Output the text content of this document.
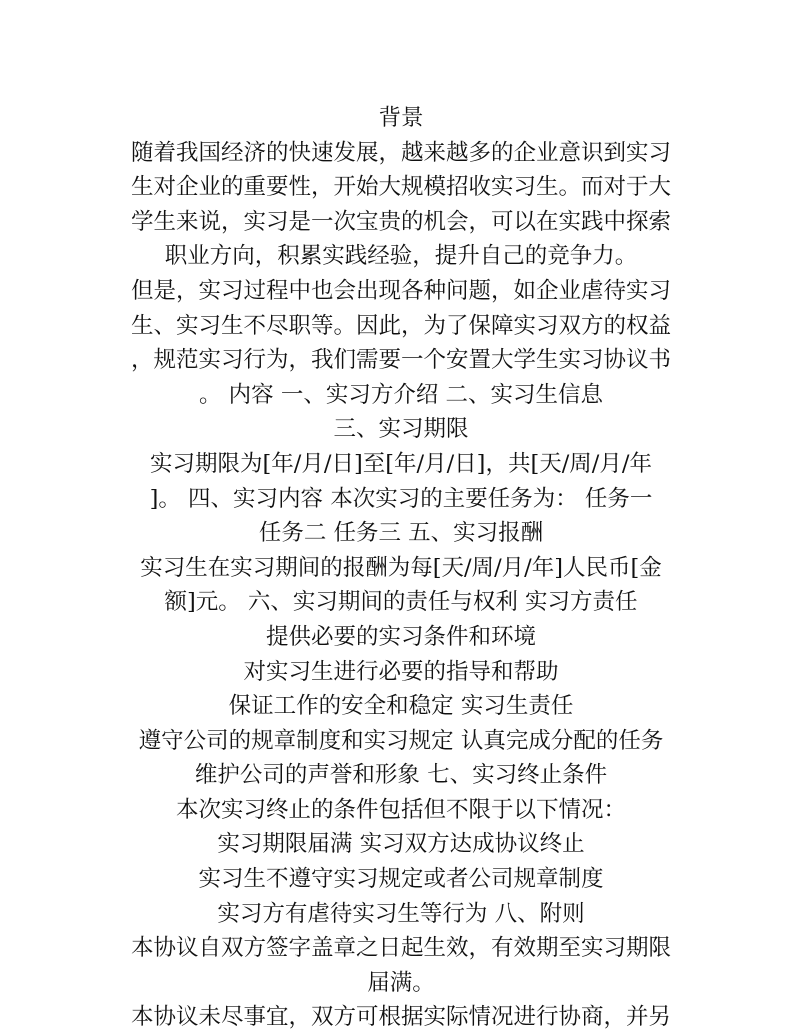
背景
随着我国经济的快速发展，越来越多的企业意识到实习
生对企业的重要性，开始大规模招收实习生。而对于大
学生来说，实习是一次宝贵的机会，可以在实践中探索
职业方向，积累实践经验，提升自己的竞争力。
但是，实习过程中也会出现各种问题，如企业虐待实习
生、实习生不尽职等。因此，为了保障实习双方的权益
，规范实习行为，我们需要一个安置大学生实习协议书
。 内容 一、实习方介绍 二、实习生信息
三、实习期限
实习期限为[年/月/日]至[年/月/日]，共[天/周/月/年
]。 四、实习内容 本次实习的主要任务为： 任务一
任务二 任务三 五、实习报酬
实习生在实习期间的报酬为每[天/周/月/年]人民币[金
额]元。 六、实习期间的责任与权利 实习方责任
提供必要的实习条件和环境
对实习生进行必要的指导和帮助
保证工作的安全和稳定 实习生责任
遵守公司的规章制度和实习规定 认真完成分配的任务
维护公司的声誉和形象 七、实习终止条件
本次实习终止的条件包括但不限于以下情况：
实习期限届满 实习双方达成协议终止
实习生不遵守实习规定或者公司规章制度
实习方有虐待实习生等行为 八、附则
本协议自双方签字盖章之日起生效，有效期至实习期限
届满。
本协议未尽事宜，双方可根据实际情况进行协商，并另
